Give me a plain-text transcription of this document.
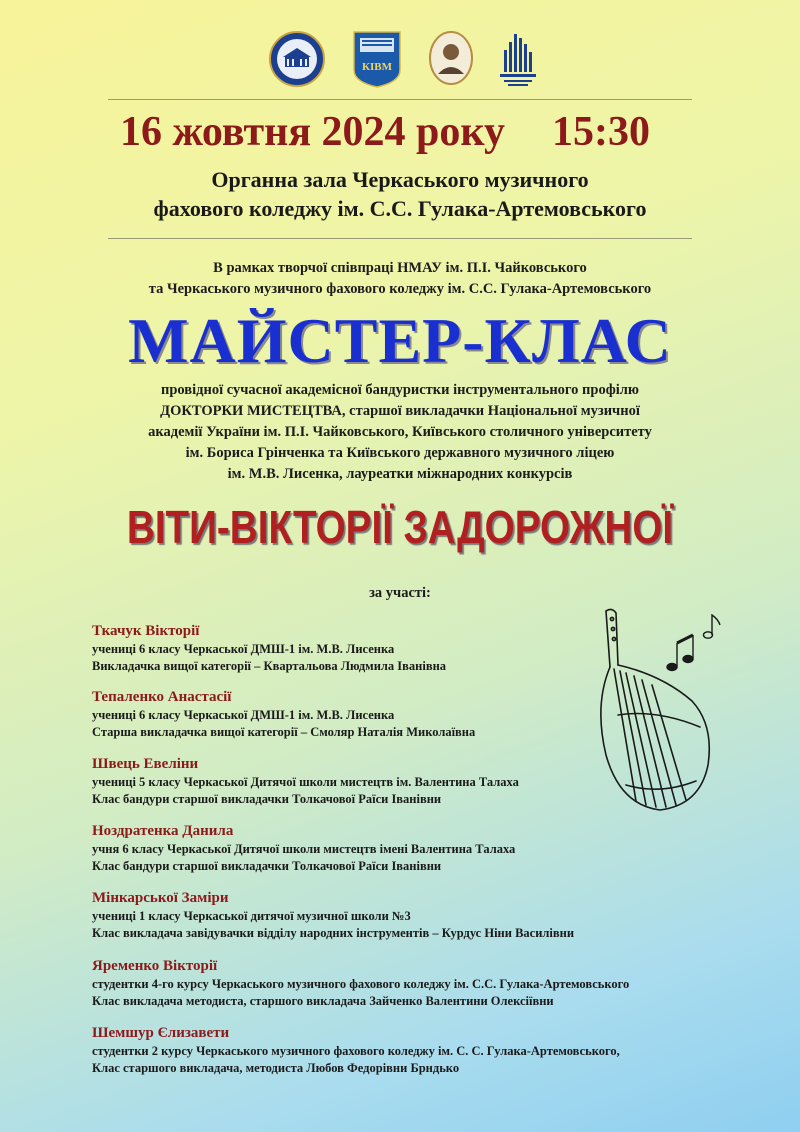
КІВМ
16 жовтня 2024 року 15:30
Органна зала Черкаського музичного
фахового коледжу ім. С.С. Гулака-Артемовського
В рамках творчої співпраці НМАУ ім. П.І. Чайковського
та Черкаського музичного фахового коледжу ім. С.С. Гулака-Артемовського
МАЙСТЕР-КЛАС
провідної сучасної академісної бандуристки інструментального профілю
ДОКТОРКИ МИСТЕЦТВА, старшої викладачки Національної музичної
академії України ім. П.І. Чайковського, Київського столичного університету
ім. Бориса Грінченка та Київського державного музичного ліцею
ім. М.В. Лисенка, лауреатки міжнародних конкурсів
ВІТИ-ВІКТОРІЇ ЗАДОРОЖНОЇ
за участі:
Ткачук Вікторії
учениці 6 класу Черкаської ДМШ-1 ім. М.В. Лисенка
Викладачка вищої категорії – Квартальова Людмила Іванівна
Тепаленко Анастасії
учениці 6 класу Черкаської ДМШ-1 ім. М.В. Лисенка
Старша викладачка вищої категорії – Смоляр Наталія Миколаївна
Швець Евеліни
учениці 5 класу Черкаської Дитячої школи мистецтв ім. Валентина Талаха
Клас бандури старшої викладачки Толкачової Раїси Іванівни
Ноздратенка Данила
учня 6 класу Черкаської Дитячої школи мистецтв імені Валентина Талаха
Клас бандури старшої викладачки Толкачової Раїси Іванівни
Мінкарської Заміри
учениці 1 класу Черкаської дитячої музичної школи №3
Клас викладача завідувачки відділу народних інструментів – Курдус Ніни Василівни
Яременко Вікторії
студентки 4-го курсу Черкаського музичного фахового коледжу ім. С.С. Гулака-Артемовського
Клас викладача методиста, старшого викладача Зайченко Валентини Олексіївни
Шемшур Єлизавети
студентки 2 курсу Черкаського музичного фахового коледжу ім. С. С. Гулака-Артемовського,
Клас старшого викладача, методиста Любов Федорівни Брндько
